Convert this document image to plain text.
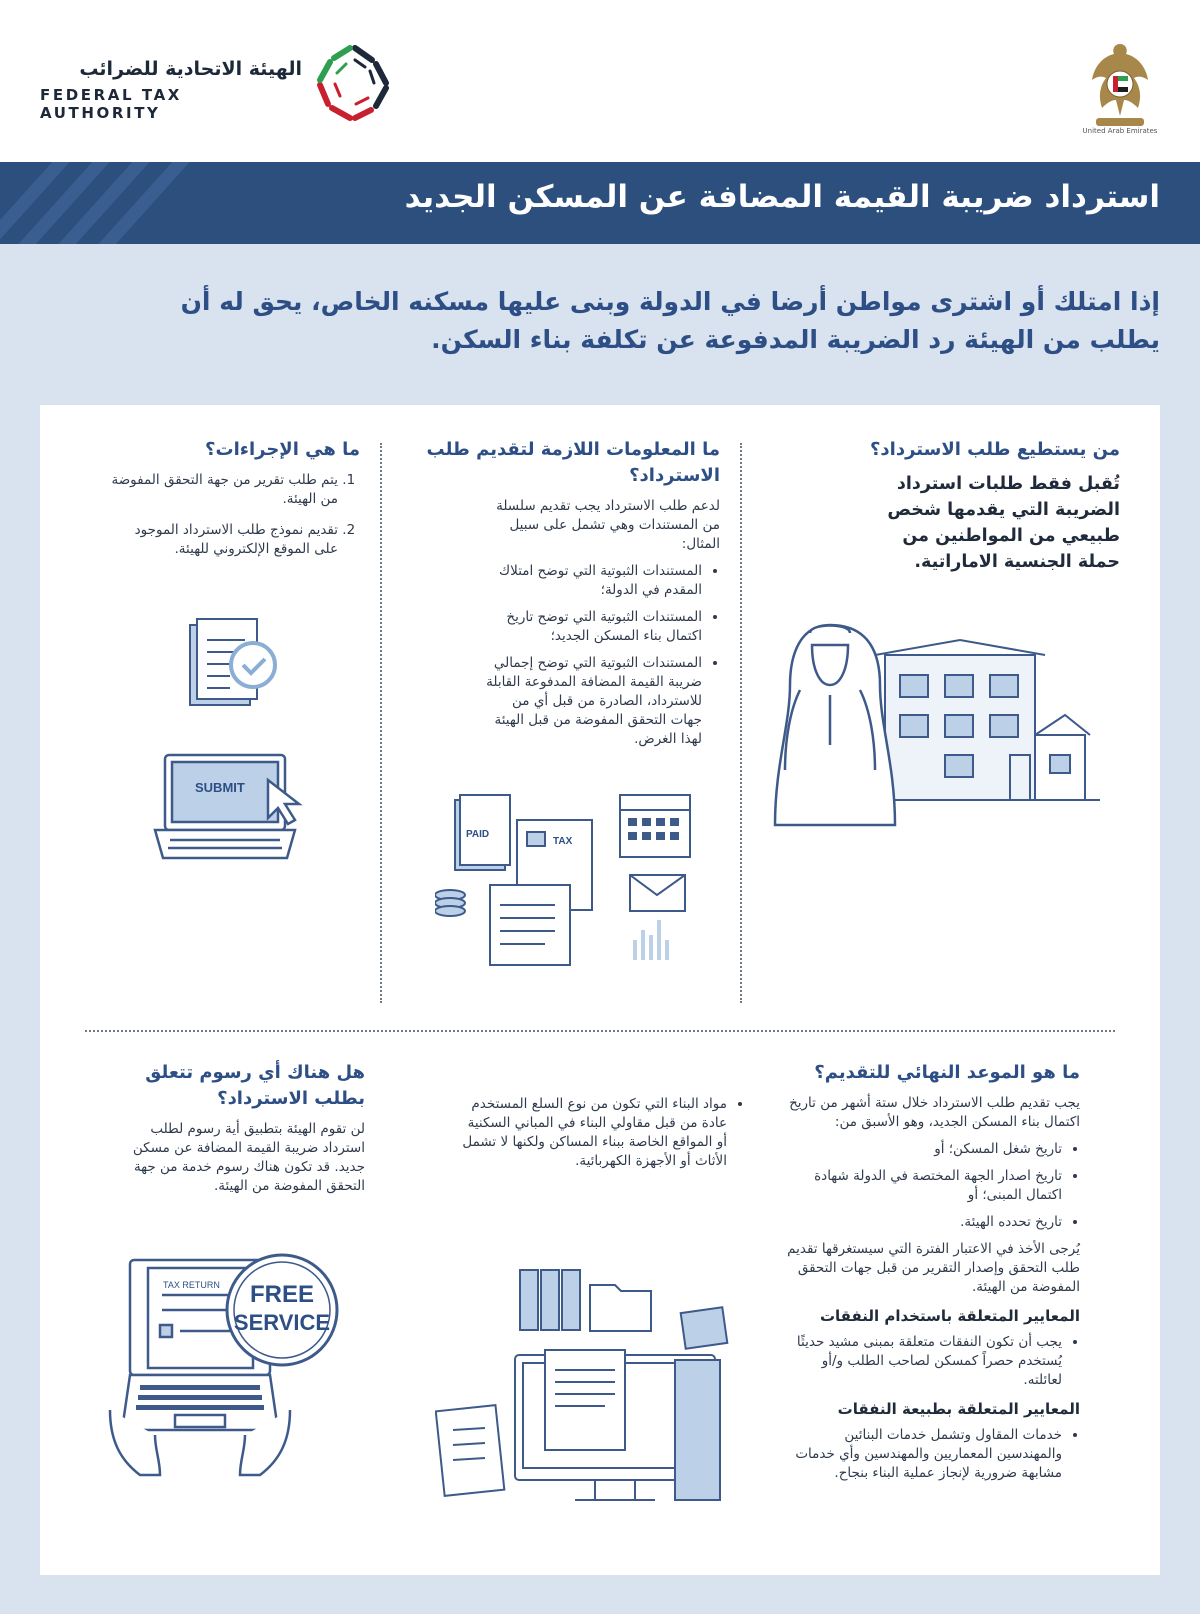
الهيئة الاتحادية للضرائب
FEDERAL TAX AUTHORITY
United Arab Emirates
استرداد ضريبة القيمة المضافة عن المسكن الجديد
إذا امتلك أو اشترى مواطن أرضا في الدولة وبنى عليها مسكنه الخاص، يحق له أن يطلب من الهيئة رد الضريبة المدفوعة عن تكلفة بناء السكن.
من يستطيع طلب الاسترداد؟

تُقبل فقط طلبات استرداد الضريبة التي يقدمها شخص طبيعي من المواطنين من حملة الجنسية الاماراتية.

ما المعلومات اللازمة لتقديم طلب الاسترداد؟

لدعم طلب الاسترداد يجب تقديم سلسلة من المستندات وهي تشمل على سبيل المثال:

• المستندات الثبوتية التي توضح امتلاك المقدم في الدولة؛
• المستندات الثبوتية التي توضح تاريخ اكتمال بناء المسكن الجديد؛
• المستندات الثبوتية التي توضح إجمالي ضريبة القيمة المضافة المدفوعة القابلة للاسترداد، الصادرة من قبل أي من جهات التحقق المفوضة من قبل الهيئة لهذا الغرض.
PAID
TAX
ما هي الإجراءات؟
1. يتم طلب تقرير من جهة التحقق المفوضة من الهيئة.
2. تقديم نموذج طلب الاسترداد الموجود على الموقع الإلكتروني للهيئة.
SUBMIT
ما هو الموعد النهائي للتقديم؟

يجب تقديم طلب الاسترداد خلال ستة أشهر من تاريخ اكتمال بناء المسكن الجديد، وهو الأسبق من:

• تاريخ شغل المسكن؛ أو
• تاريخ اصدار الجهة المختصة في الدولة شهادة اكتمال المبنى؛ أو
• تاريخ تحدده الهيئة.

يُرجى الأخذ في الاعتبار الفترة التي سيستغرقها تقديم طلب التحقق وإصدار التقرير من قبل جهات التحقق المفوضة من الهيئة.

المعايير المتعلقة باستخدام النفقات
• يجب أن تكون النفقات متعلقة بمبنى مشيد حديثًا يُستخدم حصراً كمسكن لصاحب الطلب و/أو لعائلته.
المعايير المتعلقة بطبيعة النفقات
• خدمات المقاول وتشمل خدمات البنائين والمهندسين المعماريين والمهندسين وأي خدمات مشابهة ضرورية لإنجاز عملية البناء بنجاح.
• مواد البناء التي تكون من نوع السلع المستخدم عادة من قبل مقاولي البناء في المباني السكنية أو المواقع الخاصة ببناء المساكن ولكنها لا تشمل الأثاث أو الأجهزة الكهربائية.
هل هناك أي رسوم تتعلق بطلب الاسترداد؟

لن تقوم الهيئة بتطبيق أية رسوم لطلب استرداد ضريبة القيمة المضافة عن مسكن جديد. قد تكون هناك رسوم خدمة من جهة التحقق المفوضة من الهيئة.

TAX RETURN FREE
SERVICE
